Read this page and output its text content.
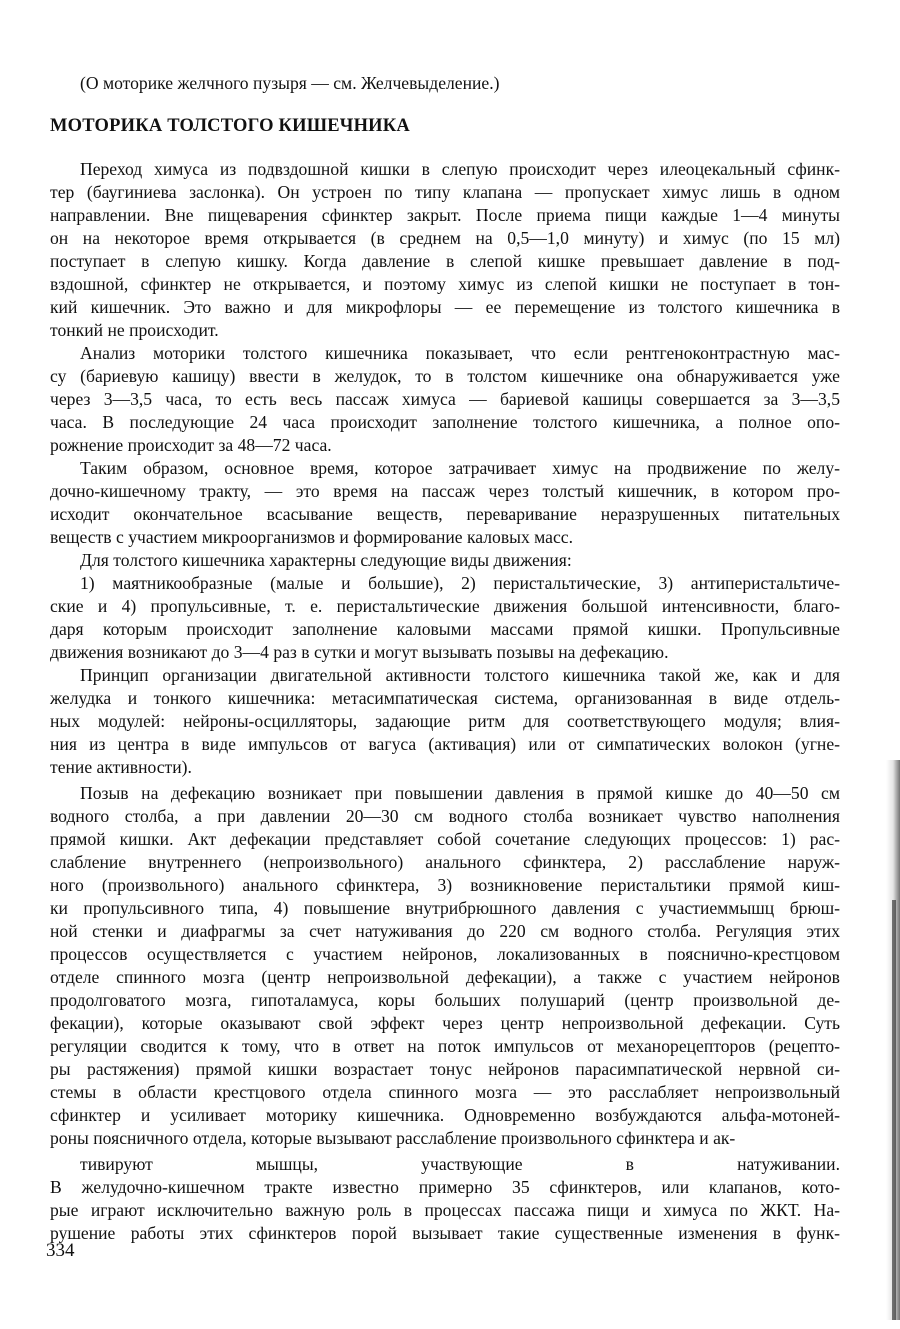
(О моторике желчного пузыря — см. Желчевыделение.)
МОТОРИКА ТОЛСТОГО КИШЕЧНИКА
Переход химуса из подвздошной кишки в слепую происходит через илеоцекальный сфинк-
тер (баугиниева заслонка). Он устроен по типу клапана — пропускает химус лишь в одном
направлении. Вне пищеварения сфинктер закрыт. После приема пищи каждые 1—4 минуты
он на некоторое время открывается (в среднем на 0,5—1,0 минуту) и химус (по 15 мл)
поступает в слепую кишку. Когда давление в слепой кишке превышает давление в под-
вздошной, сфинктер не открывается, и поэтому химус из слепой кишки не поступает в тон-
кий кишечник. Это важно и для микрофлоры — ее перемещение из толстого кишечника в
тонкий не происходит.
Анализ моторики толстого кишечника показывает, что если рентгеноконтрастную мас-
су (бариевую кашицу) ввести в желудок, то в толстом кишечнике она обнаруживается уже
через 3—3,5 часа, то есть весь пассаж химуса — бариевой кашицы совершается за 3—3,5
часа. В последующие 24 часа происходит заполнение толстого кишечника, а полное опо-
рожнение происходит за 48—72 часа.
Таким образом, основное время, которое затрачивает химус на продвижение по желу-
дочно-кишечному тракту, — это время на пассаж через толстый кишечник, в котором про-
исходит окончательное всасывание веществ, переваривание неразрушенных питательных
веществ с участием микроорганизмов и формирование каловых масс.
Для толстого кишечника характерны следующие виды движения:
1) маятникообразные (малые и большие), 2) перистальтические, 3) антиперистальтиче-
ские и 4) пропульсивные, т. е. перистальтические движения большой интенсивности, благо-
даря которым происходит заполнение каловыми массами прямой кишки. Пропульсивные
движения возникают до 3—4 раз в сутки и могут вызывать позывы на дефекацию.
Принцип организации двигательной активности толстого кишечника такой же, как и для
желудка и тонкого кишечника: метасимпатическая система, организованная в виде отдель-
ных модулей: нейроны-осцилляторы, задающие ритм для соответствующего модуля; влия-
ния из центра в виде импульсов от вагуса (активация) или от симпатических волокон (угне-
тение активности).
Позыв на дефекацию возникает при повышении давления в прямой кишке до 40—50 см
водного столба, а при давлении 20—30 см водного столба возникает чувство наполнения
прямой кишки. Акт дефекации представляет собой сочетание следующих процессов: 1) рас-
слабление внутреннего (непроизвольного) анального сфинктера, 2) расслабление наруж-
ного (произвольного) анального сфинктера, 3) возникновение перистальтики прямой киш-
ки пропульсивного типа, 4) повышение внутрибрюшного давления с участиеммышц брюш-
ной стенки и диафрагмы за счет натуживания до 220 см водного столба. Регуляция этих
процессов осуществляется с участием нейронов, локализованных в пояснично-крестцовом
отделе спинного мозга (центр непроизвольной дефекации), а также с участием нейронов
продолговатого мозга, гипоталамуса, коры больших полушарий (центр произвольной де-
фекации), которые оказывают свой эффект через центр непроизвольной дефекации. Суть
регуляции сводится к тому, что в ответ на поток импульсов от механорецепторов (рецепто-
ры растяжения) прямой кишки возрастает тонус нейронов парасимпатической нервной си-
стемы в области крестцового отдела спинного мозга — это расслабляет непроизвольный
сфинктер и усиливает моторику кишечника. Одновременно возбуждаются альфа-мотоней-
роны поясничного отдела, которые вызывают расслабление произвольного сфинктера и ак-
тивируют мышцы, участвующие в натуживании.
В желудочно-кишечном тракте известно примерно 35 сфинктеров, или клапанов, кото-
рые играют исключительно важную роль в процессах пассажа пищи и химуса по ЖКТ. На-
рушение работы этих сфинктеров порой вызывает такие существенные изменения в функ-
334
